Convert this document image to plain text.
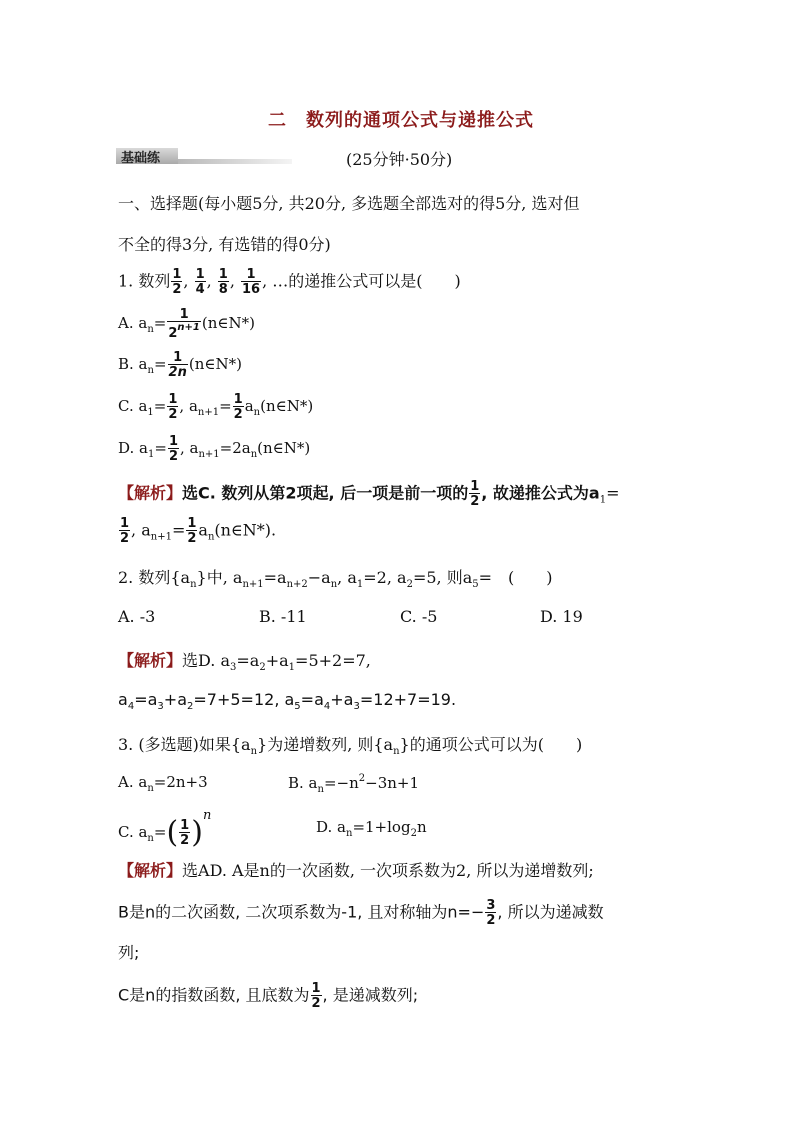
二　数列的通项公式与递推公式
基础练	(25分钟·50分)
一、选择题(每小题5分, 共20分, 多选题全部选对的得5分, 选对但
不全的得3分, 有选错的得0分)
1. 数列 $\frac{1}{2}$ , $\frac{1}{4}$ , $\frac{1}{8}$ , $\frac{1}{16}$ , …的递推公式可以是(　　)
A. $a_n= \frac{1}{2^{n+1}}$ (n∈N*)
B. $a_n= \frac{1}{2n}$ (n∈N*)
C. $a_1= \frac{1}{2}$ , $a_{n+1}= \frac{1}{2}$ $a_n(n\in N*)$
D. $a_1= \frac{1}{2}$ , $a_{n+1}=2a_n(n\in N*)$
【解析】选C. 数列从第2项起, 后一项是前一项的 $\frac{1}{2}$ , 故递推公式为$a_1=$
$\frac{1}{2}$ , $a_{n+1}= \frac{1}{2}$ $a_n(n\in N*)$.
2. 数列$\{a_n\}$中, $a_{n+1}=a_{n+2}-a_n$, $a_1=2$, $a_2=5$, 则$a_5=$　(　　)
A. -3	B. -11	C. -5	D. 19
【解析】选D. $a_3=a_2+a_1=5+2=7$,
$a_4=a_3+a_2=7+5=12$, $a_5=a_4+a_3=12+7=19$.
3. (多选题)如果$\{a_n\}$为递增数列, 则$\{a_n\}$的通项公式可以为(　　)
A. $a_n=2n+3$	B. $a_n=-n^2-3n+1$
C. $a_n=( \frac{1}{2} )n$
D. $a_n=1+\log_2n$
【解析】选AD. A是n的一次函数, 一次项系数为2, 所以为递增数列;
B是n的二次函数, 二次项系数为-1, 且对称轴为$n=- \frac{3}{2}$ , 所以为递减数
列;
C是n的指数函数, 且底数为 $\frac{1}{2}$ , 是递减数列;
